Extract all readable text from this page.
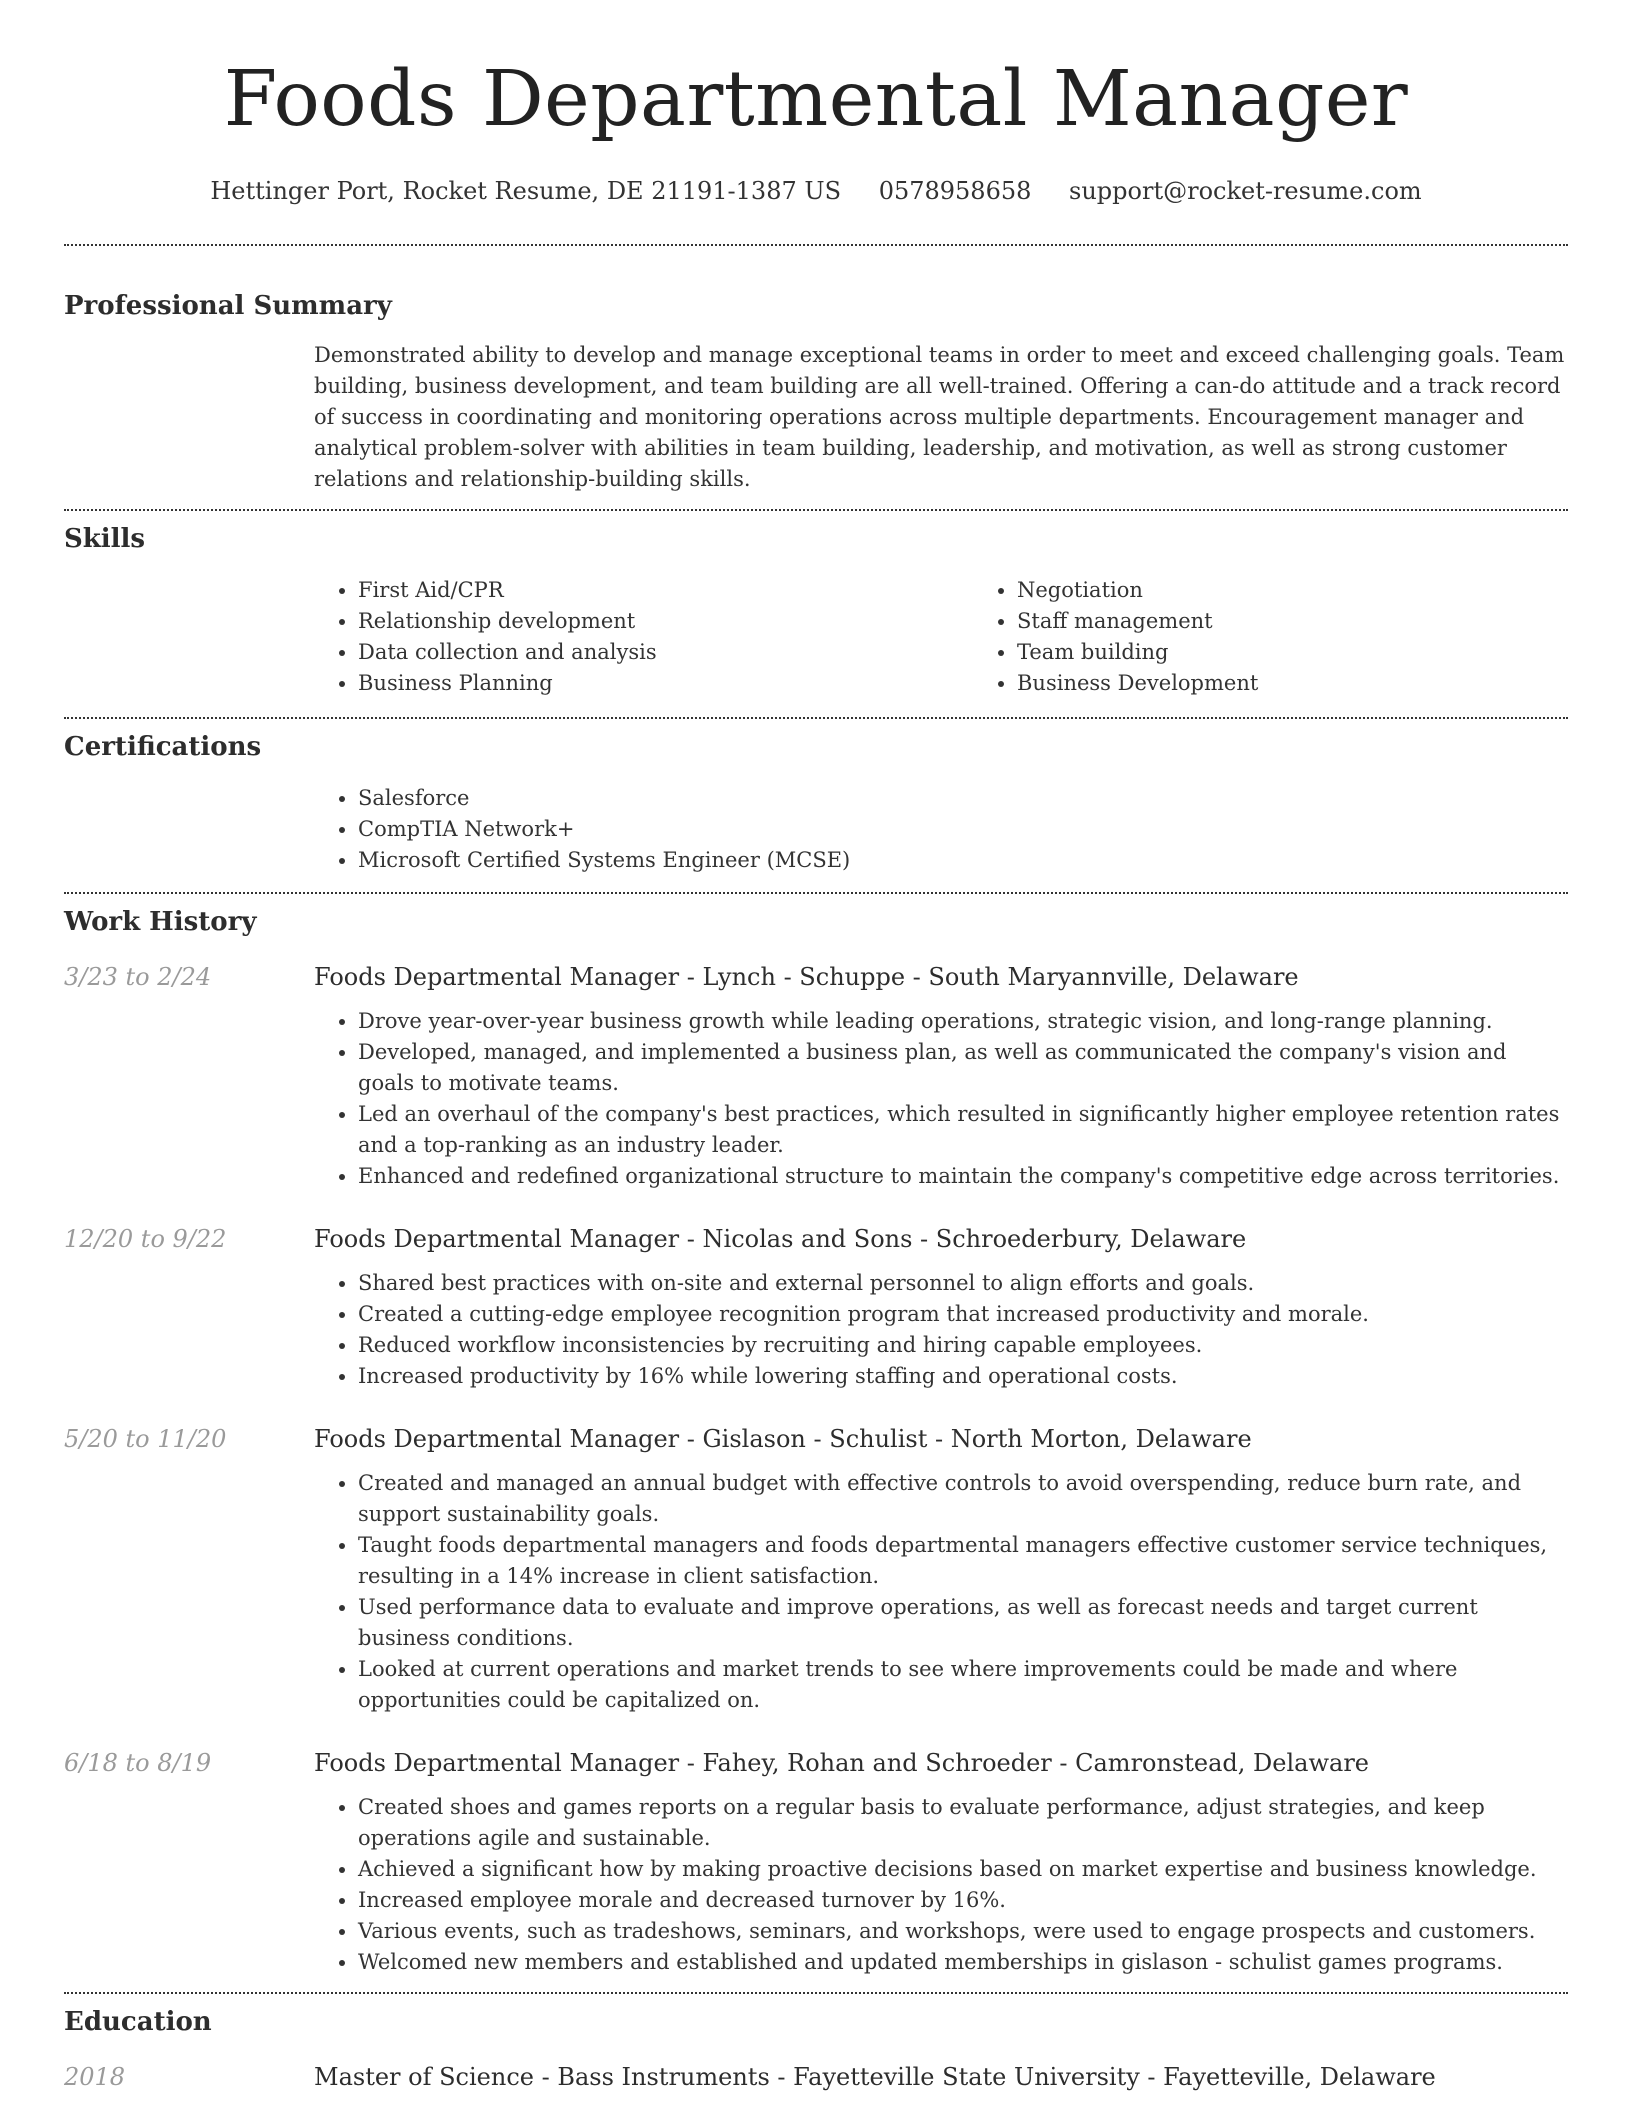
Foods Departmental Manager
Hettinger Port, Rocket Resume, DE 21191-1387 US 0578958658 support@rocket-resume.com
Professional Summary

Demonstrated ability to develop and manage exceptional teams in order to meet and exceed challenging goals. Team building, business development, and team building are all well-trained. Offering a can-do attitude and a track record of success in coordinating and monitoring operations across multiple departments. Encouragement manager and analytical problem-solver with abilities in team building, leadership, and motivation, as well as strong customer relations and relationship-building skills.

Skills
• First Aid/CPR
• Relationship development
• Data collection and analysis
• Business Planning
• Negotiation
• Staff management
• Team building
• Business Development
Certifications
• Salesforce
• CompTIA Network+
• Microsoft Certified Systems Engineer (MCSE)
Work History
3/23 to 2/24	Foods Departmental Manager - Lynch - Schuppe - South Maryannville, Delaware
• Drove year-over-year business growth while leading operations, strategic vision, and long-range planning.
• Developed, managed, and implemented a business plan, as well as communicated the company's vision and goals to motivate teams.
• Led an overhaul of the company's best practices, which resulted in significantly higher employee retention rates and a top-ranking as an industry leader.
• Enhanced and redefined organizational structure to maintain the company's competitive edge across territories.
12/20 to 9/22	Foods Departmental Manager - Nicolas and Sons - Schroederbury, Delaware
• Shared best practices with on-site and external personnel to align efforts and goals.
• Created a cutting-edge employee recognition program that increased productivity and morale.
• Reduced workflow inconsistencies by recruiting and hiring capable employees.
• Increased productivity by 16% while lowering staffing and operational costs.
5/20 to 11/20	Foods Departmental Manager - Gislason - Schulist - North Morton, Delaware
• Created and managed an annual budget with effective controls to avoid overspending, reduce burn rate, and support sustainability goals.
• Taught foods departmental managers and foods departmental managers effective customer service techniques, resulting in a 14% increase in client satisfaction.
• Used performance data to evaluate and improve operations, as well as forecast needs and target current business conditions.
• Looked at current operations and market trends to see where improvements could be made and where opportunities could be capitalized on.
6/18 to 8/19	Foods Departmental Manager - Fahey, Rohan and Schroeder - Camronstead, Delaware
• Created shoes and games reports on a regular basis to evaluate performance, adjust strategies, and keep operations agile and sustainable.
• Achieved a significant how by making proactive decisions based on market expertise and business knowledge.
• Increased employee morale and decreased turnover by 16%.
• Various events, such as tradeshows, seminars, and workshops, were used to engage prospects and customers.
• Welcomed new members and established and updated memberships in gislason - schulist games programs.
Education
2018	Master of Science - Bass Instruments - Fayetteville State University - Fayetteville, Delaware
